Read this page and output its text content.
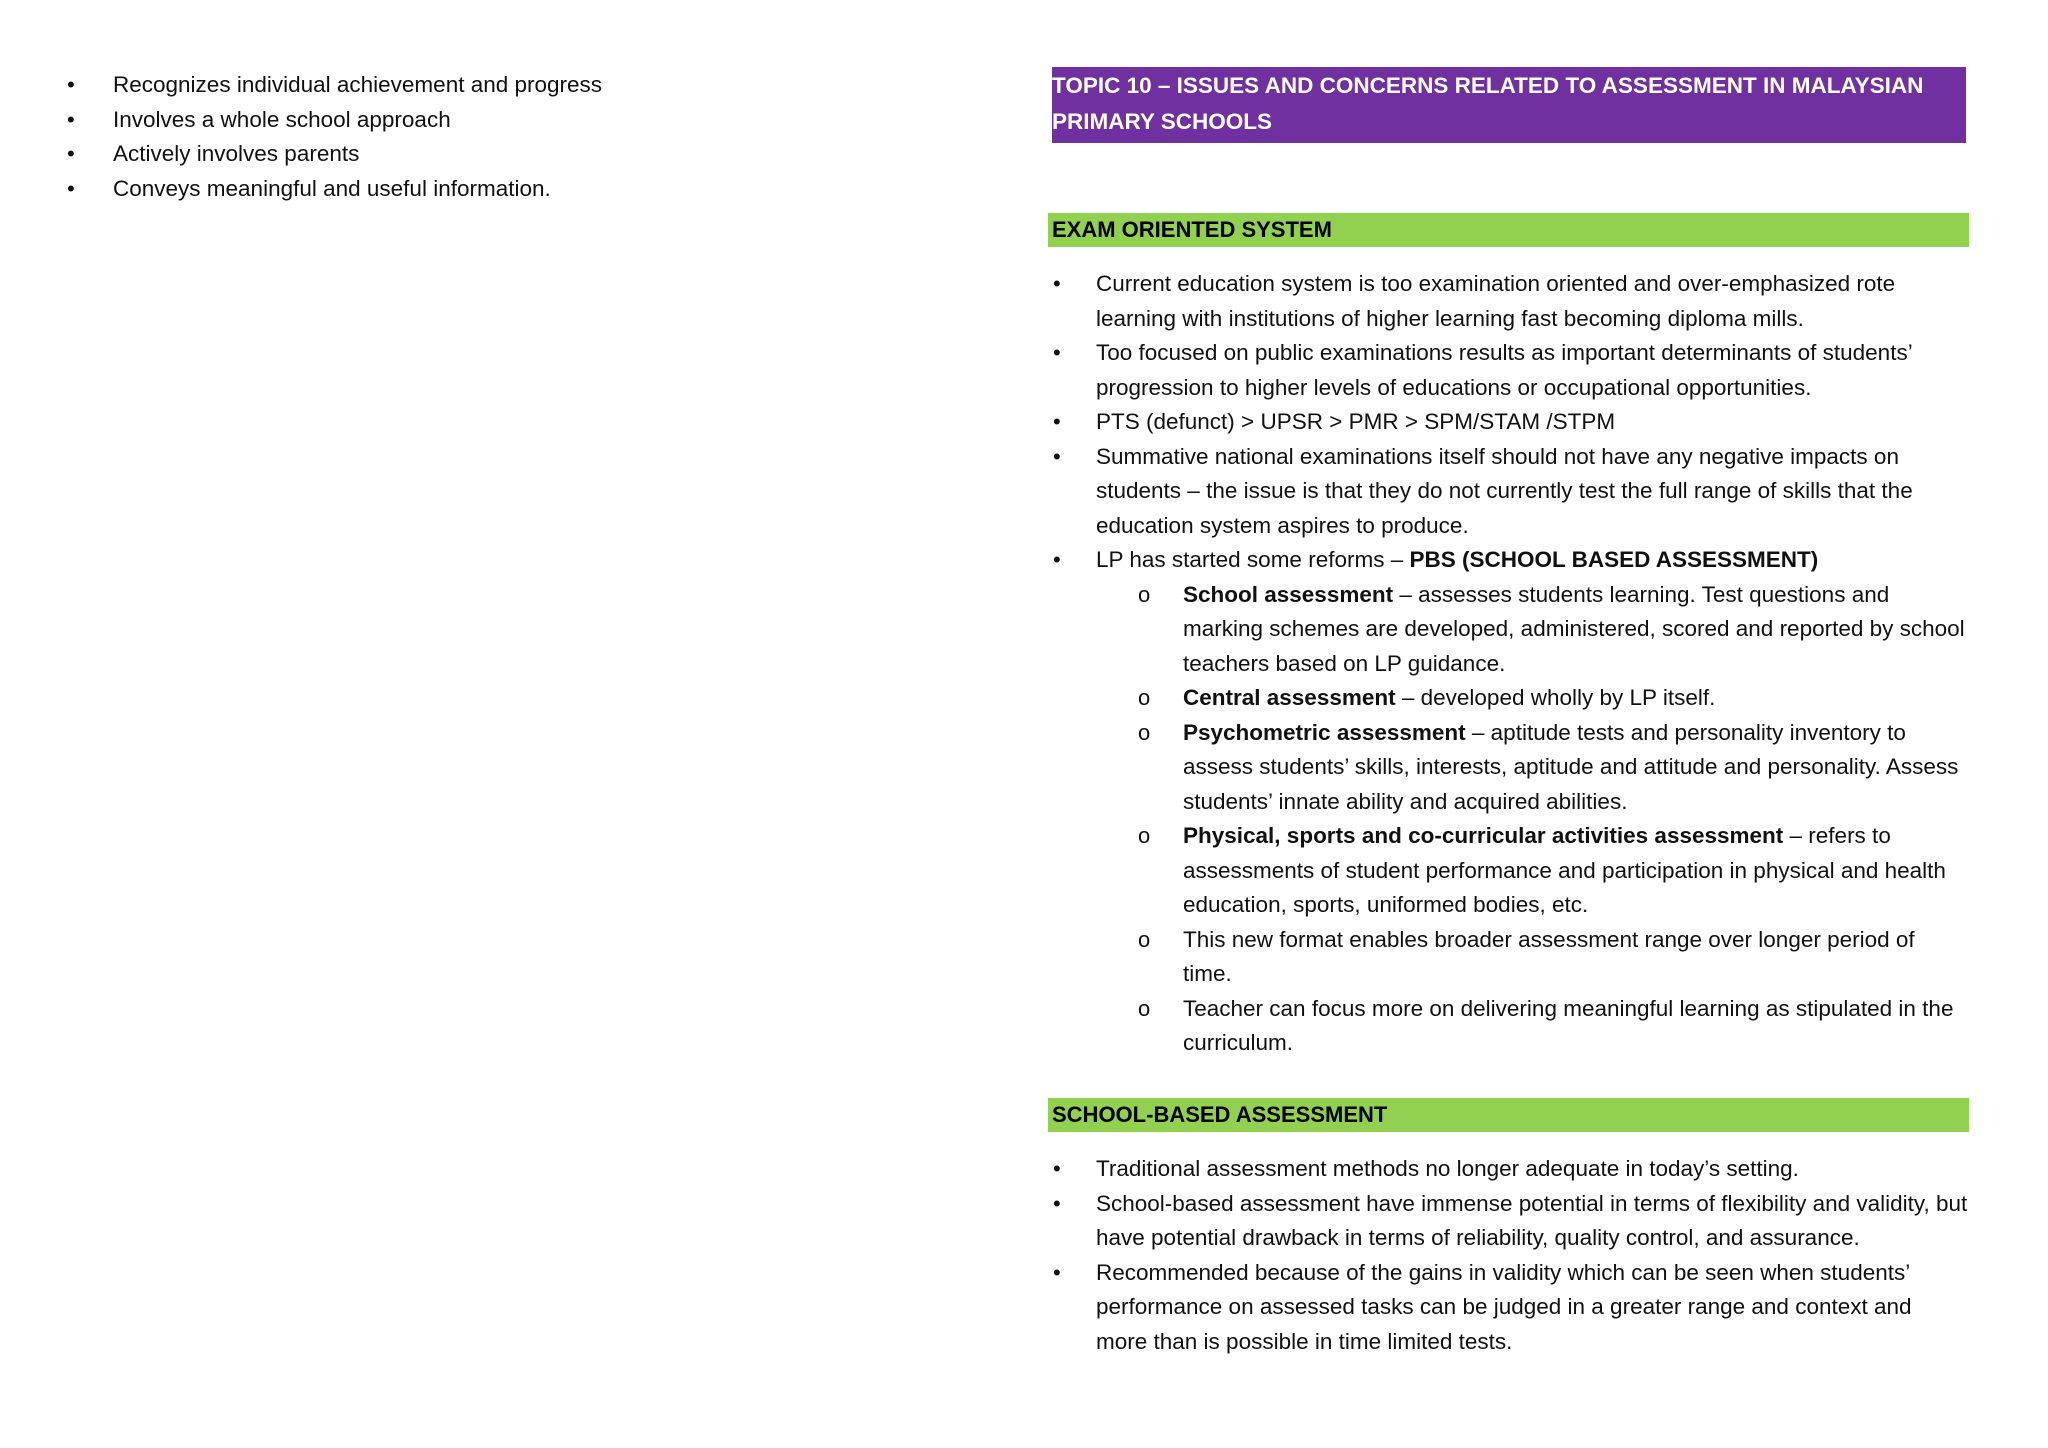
• Recognizes individual achievement and progress
• Involves a whole school approach
• Actively involves parents
• Conveys meaningful and useful information.
TOPIC 10 – ISSUES AND CONCERNS RELATED TO ASSESSMENT IN MALAYSIAN PRIMARY SCHOOLS
EXAM ORIENTED SYSTEM
• Current education system is too examination oriented and over-emphasized rote learning with institutions of higher learning fast becoming diploma mills.
• Too focused on public examinations results as important determinants of students’ progression to higher levels of educations or occupational opportunities.
• PTS (defunct) > UPSR > PMR > SPM/STAM /STPM
• Summative national examinations itself should not have any negative impacts on students – the issue is that they do not currently test the full range of skills that the education system aspires to produce.
• LP has started some reforms – PBS (SCHOOL BASED ASSESSMENT)
o School assessment – assesses students learning. Test questions and marking schemes are developed, administered, scored and reported by school teachers based on LP guidance.
o Central assessment – developed wholly by LP itself.
o Psychometric assessment – aptitude tests and personality inventory to assess students’ skills, interests, aptitude and attitude and personality. Assess students’ innate ability and acquired abilities.
o Physical, sports and co-curricular activities assessment – refers to assessments of student performance and participation in physical and health education, sports, uniformed bodies, etc.
o This new format enables broader assessment range over longer period of time.
o Teacher can focus more on delivering meaningful learning as stipulated in the curriculum.
SCHOOL-BASED ASSESSMENT
• Traditional assessment methods no longer adequate in today’s setting.
• School-based assessment have immense potential in terms of flexibility and validity, but have potential drawback in terms of reliability, quality control, and assurance.
• Recommended because of the gains in validity which can be seen when students’ performance on assessed tasks can be judged in a greater range and context and more than is possible in time limited tests.
